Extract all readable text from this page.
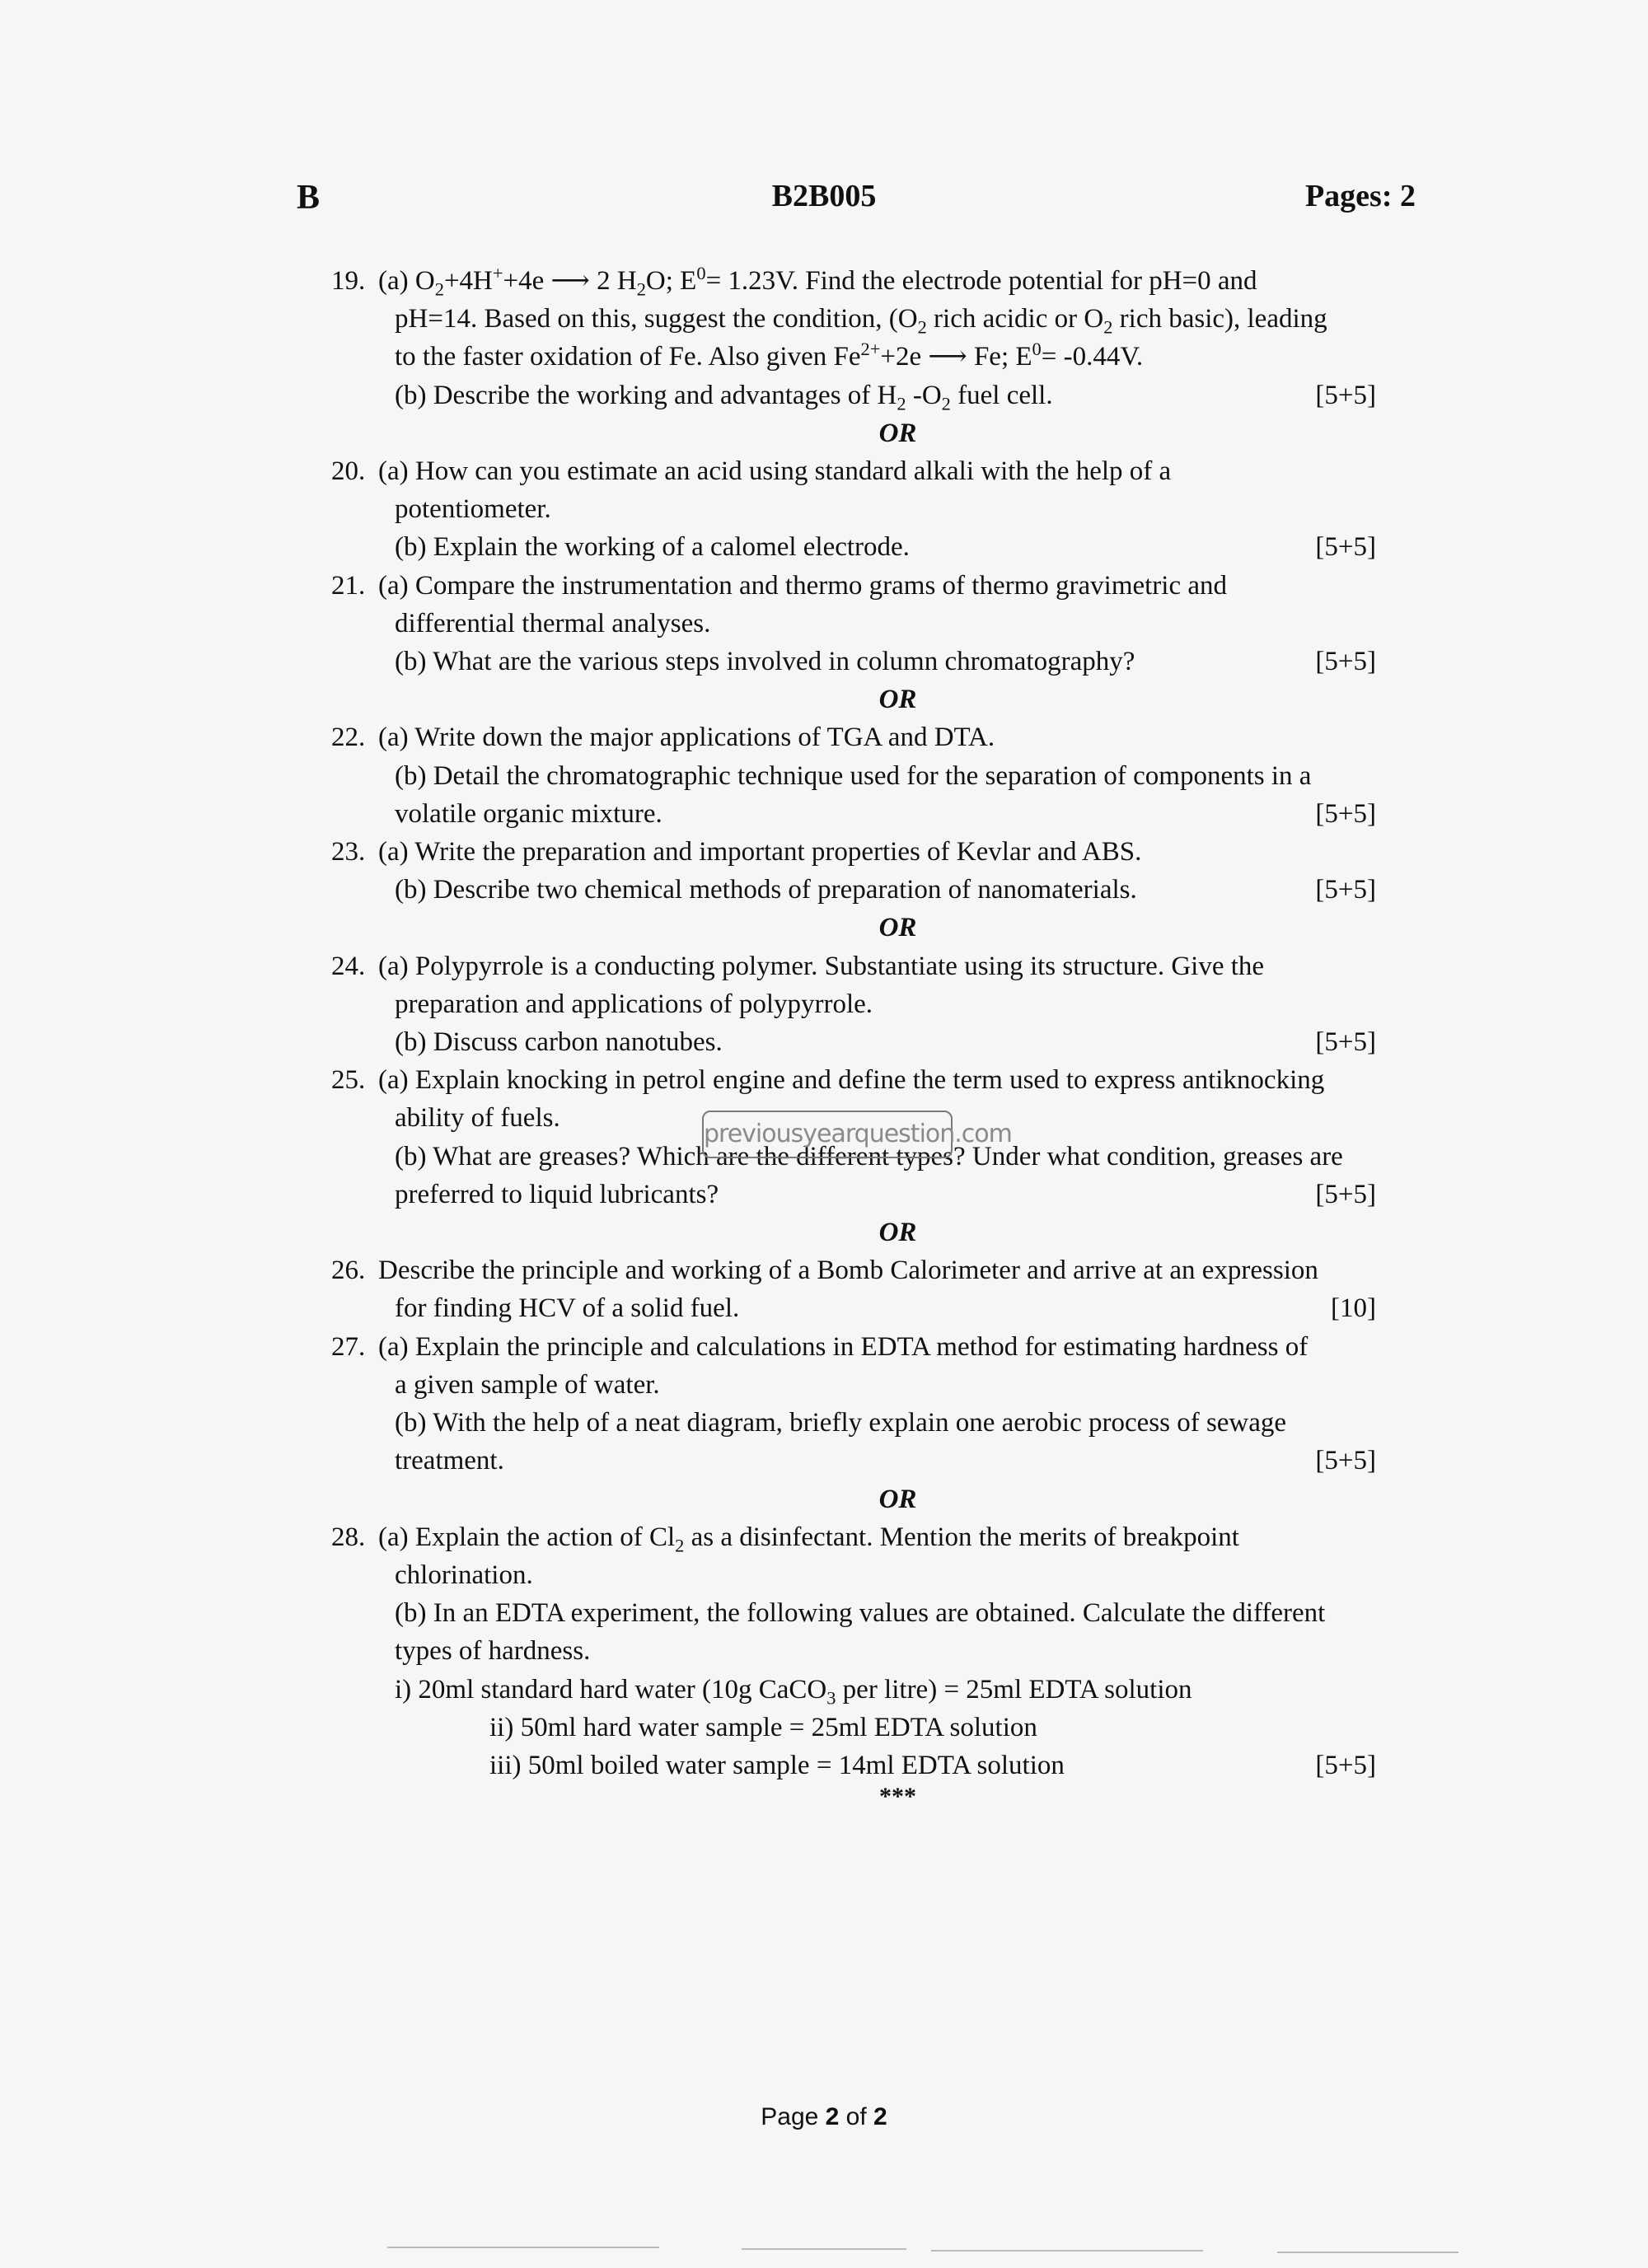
B	B2B005	Pages: 2
19. (a) $O_2+4H^++4e$ ⟶ 2 $H_2O$; $E^0= 1.23V$. Find the electrode potential for pH=0 and
pH=14. Based on this, suggest the condition, ($O_2$ rich acidic or $O_2$ rich basic), leading
to the faster oxidation of Fe. Also given $Fe^{2+}+2e$ ⟶ Fe; $E^0= -0.44V$.
(b) Describe the working and advantages of $H_2$ $-O_2$ fuel cell.	[5+5]
OR
20. (a) How can you estimate an acid using standard alkali with the help of a
potentiometer.
(b) Explain the working of a calomel electrode.	[5+5]
21. (a) Compare the instrumentation and thermo grams of thermo gravimetric and
differential thermal analyses.
(b) What are the various steps involved in column chromatography?	[5+5]
OR
22. (a) Write down the major applications of TGA and DTA.
(b) Detail the chromatographic technique used for the separation of components in a
volatile organic mixture.	[5+5]
23. (a) Write the preparation and important properties of Kevlar and ABS.
(b) Describe two chemical methods of preparation of nanomaterials.	[5+5]
OR
24. (a) Polypyrrole is a conducting polymer. Substantiate using its structure. Give the
preparation and applications of polypyrrole.
(b) Discuss carbon nanotubes.	[5+5]
25. (a) Explain knocking in petrol engine and define the term used to express antiknocking
ability of fuels.
(b) What are greases? Which are the different types? Under what condition, greases are
preferred to liquid lubricants?	[5+5]
OR
26. Describe the principle and working of a Bomb Calorimeter and arrive at an expression
for finding HCV of a solid fuel.	[10]
27. (a) Explain the principle and calculations in EDTA method for estimating hardness of
a given sample of water.
(b) With the help of a neat diagram, briefly explain one aerobic process of sewage
treatment.	[5+5]
OR
28. (a) Explain the action of $Cl_2$ as a disinfectant. Mention the merits of breakpoint
chlorination.
(b) In an EDTA experiment, the following values are obtained. Calculate the different
types of hardness.
i) 20ml standard hard water (10g CaCO$_3$ per litre) = 25ml EDTA solution
ii) 50ml hard water sample = 25ml EDTA solution
iii) 50ml boiled water sample = 14ml EDTA solution	[5+5]
***
previousyearquestion.com
Page 2 of 2
